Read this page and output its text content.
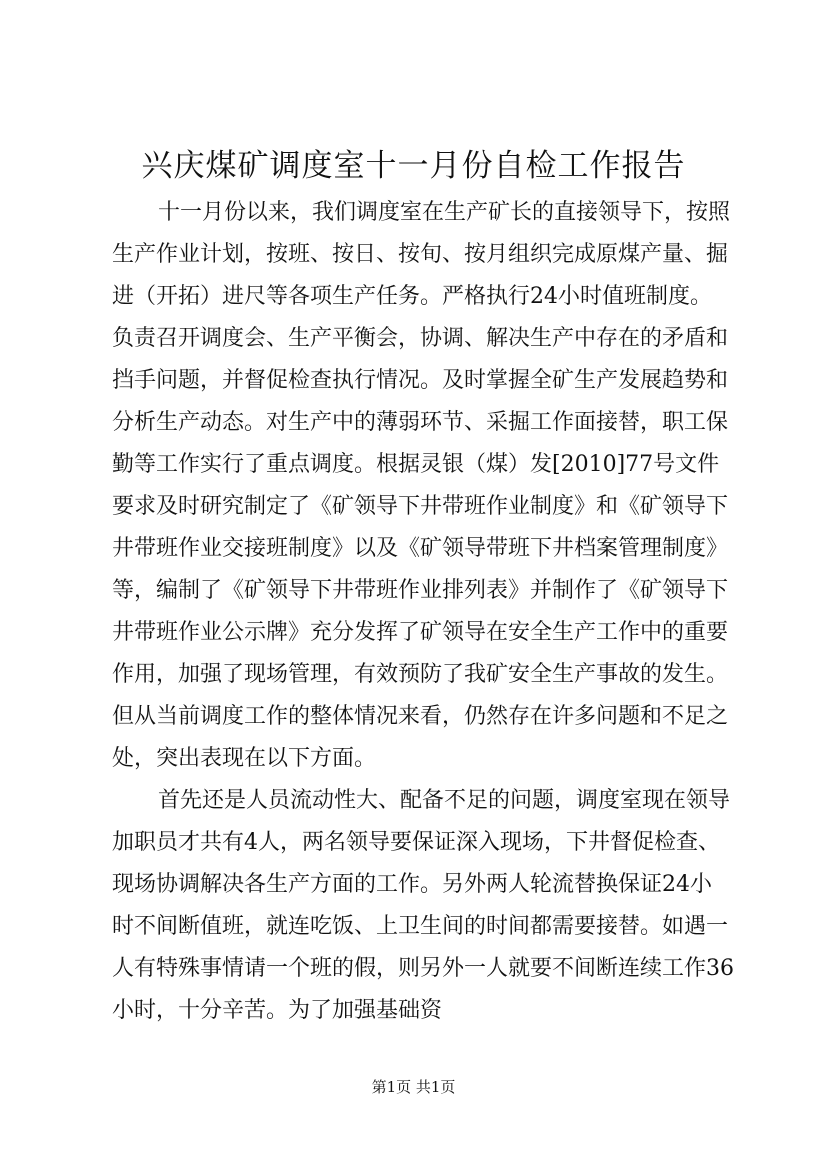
兴庆煤矿调度室十一月份自检工作报告

十一月份以来，我们调度室在生产矿长的直接领导下，按照

生产作业计划，按班、按日、按旬、按月组织完成原煤产量、掘

进（开拓）进尺等各项生产任务。严格执行24小时值班制度。

负责召开调度会、生产平衡会，协调、解决生产中存在的矛盾和

挡手问题，并督促检查执行情况。及时掌握全矿生产发展趋势和

分析生产动态。对生产中的薄弱环节、采掘工作面接替，职工保

勤等工作实行了重点调度。根据灵银（煤）发[2010]77号文件

要求及时研究制定了《矿领导下井带班作业制度》和《矿领导下

井带班作业交接班制度》以及《矿领导带班下井档案管理制度》

等，编制了《矿领导下井带班作业排列表》并制作了《矿领导下

井带班作业公示牌》充分发挥了矿领导在安全生产工作中的重要

作用，加强了现场管理，有效预防了我矿安全生产事故的发生。

但从当前调度工作的整体情况来看，仍然存在许多问题和不足之

处，突出表现在以下方面。

首先还是人员流动性大、配备不足的问题，调度室现在领导

加职员才共有4人，两名领导要保证深入现场，下井督促检查、

现场协调解决各生产方面的工作。另外两人轮流替换保证24小

时不间断值班，就连吃饭、上卫生间的时间都需要接替。如遇一

人有特殊事情请一个班的假，则另外一人就要不间断连续工作36

小时，十分辛苦。为了加强基础资

第1页 共1页
